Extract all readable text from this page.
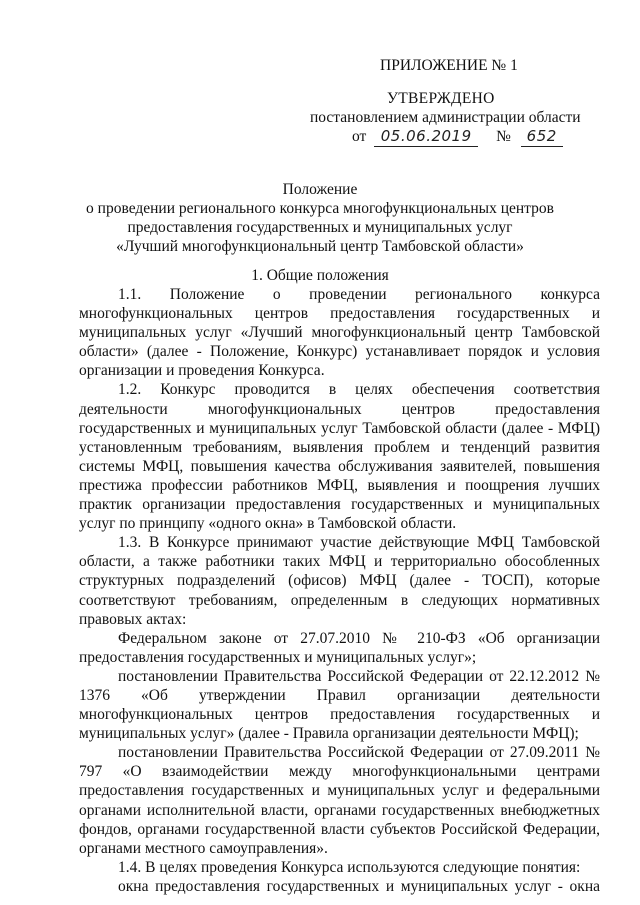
ПРИЛОЖЕНИЕ № 1
УТВЕРЖДЕНО
постановлением администрации области
от 05.06.2019 № 652
Положение
о проведении регионального конкурса многофункциональных центров
предоставления государственных и муниципальных услуг
«Лучший многофункциональный центр Тамбовской области»
1. Общие положения

1.1. Положение о проведении регионального конкурса многофункциональных центров предоставления государственных и муниципальных услуг «Лучший многофункциональный центр Тамбовской области» (далее - Положение, Конкурс) устанавливает порядок и условия организации и проведения Конкурса.

1.2. Конкурс проводится в целях обеспечения соответствия деятельности многофункциональных центров предоставления государственных и муниципальных услуг Тамбовской области (далее - МФЦ) установленным требованиям, выявления проблем и тенденций развития системы МФЦ, повышения качества обслуживания заявителей, повышения престижа профессии работников МФЦ, выявления и поощрения лучших практик организации предоставления государственных и муниципальных услуг по принципу «одного окна» в Тамбовской области.

1.3. В Конкурсе принимают участие действующие МФЦ Тамбовской области, а также работники таких МФЦ и территориально обособленных структурных подразделений (офисов) МФЦ (далее - ТОСП), которые соответствуют требованиям, определенным в следующих нормативных правовых актах:

Федеральном законе от 27.07.2010 № 210-ФЗ «Об организации предоставления государственных и муниципальных услуг»;

постановлении Правительства Российской Федерации от 22.12.2012 № 1376 «Об утверждении Правил организации деятельности многофункциональных центров предоставления государственных и муниципальных услуг» (далее - Правила организации деятельности МФЦ);

постановлении Правительства Российской Федерации от 27.09.2011 № 797 «О взаимодействии между многофункциональными центрами предоставления государственных и муниципальных услуг и федеральными органами исполнительной власти, органами государственных внебюджетных фондов, органами государственной власти субъектов Российской Федерации, органами местного самоуправления».

1.4. В целях проведения Конкурса используются следующие понятия:

окна предоставления государственных и муниципальных услуг - окна
